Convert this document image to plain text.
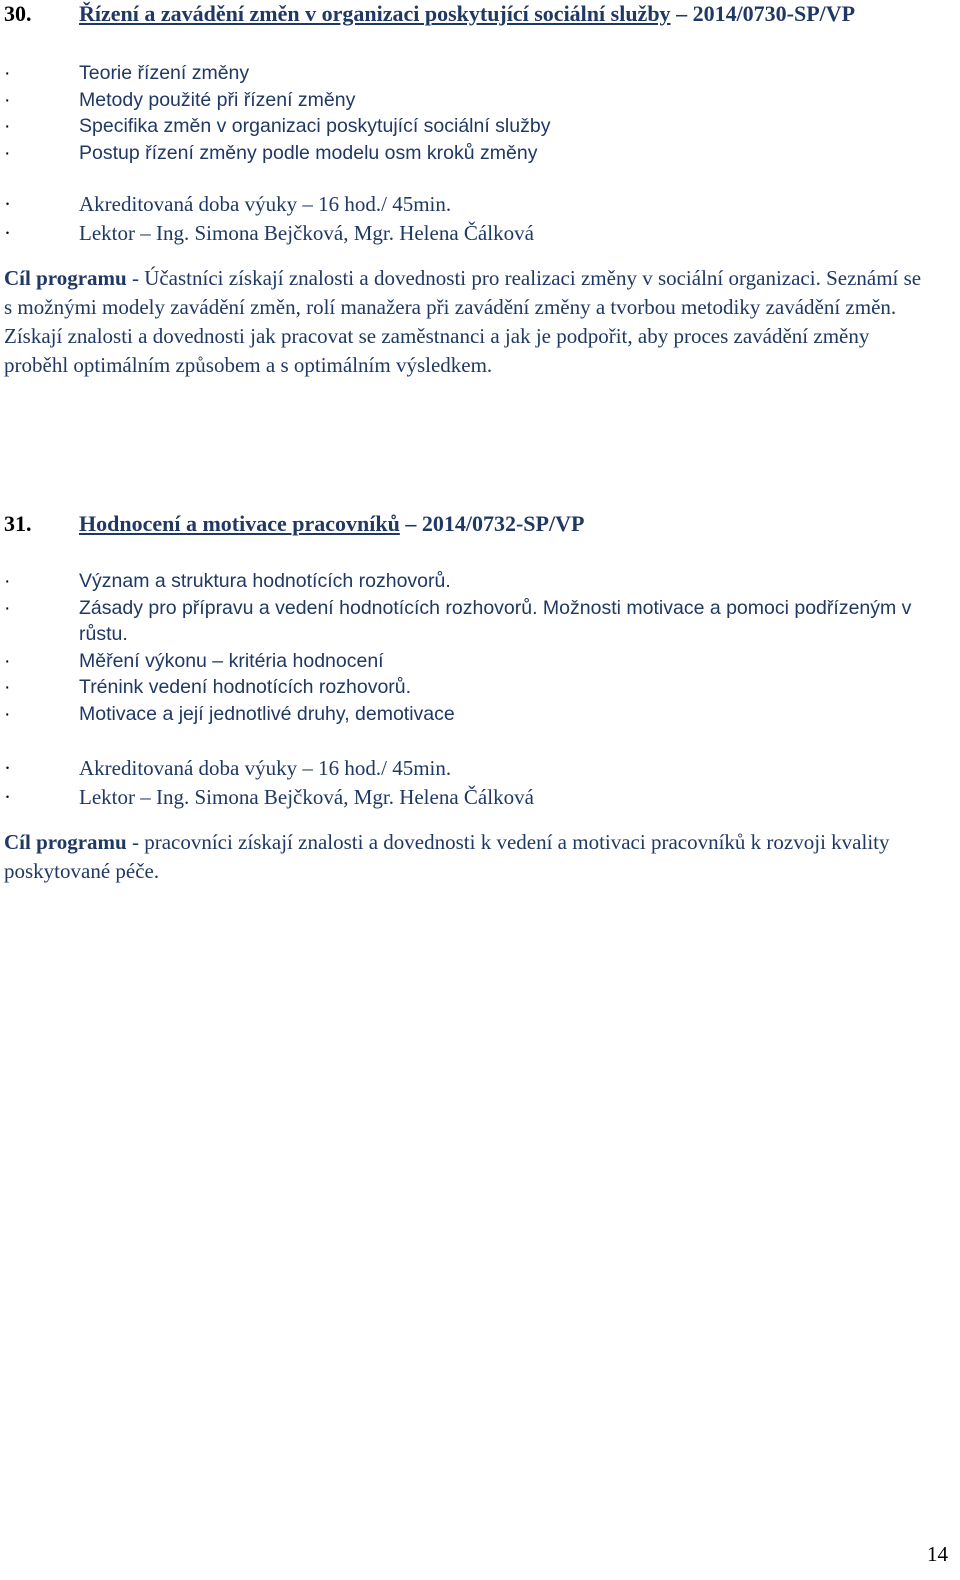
30. Řízení a zavádění změn v organizaci poskytující sociální služby – 2014/0730-SP/VP
·	Teorie řízení změny
·	Metody použité při řízení změny
·	Specifika změn v organizaci poskytující sociální služby
·	Postup řízení změny podle modelu osm kroků změny
·	Akreditovaná doba výuky – 16 hod./ 45min.
·	Lektor – Ing. Simona Bejčková, Mgr. Helena Čálková

Cíl programu - Účastníci získají znalosti a dovednosti pro realizaci změny v sociální organizaci. Seznámí se s možnými modely zavádění změn, rolí manažera při zavádění změny a tvorbou metodiky zavádění změn. Získají znalosti a dovednosti jak pracovat se zaměstnanci a jak je podpořit, aby proces zavádění změny proběhl optimálním způsobem a s optimálním výsledkem.

31. Hodnocení a motivace pracovníků – 2014/0732-SP/VP
·	Význam a struktura hodnotících rozhovorů.
·	Zásady pro přípravu a vedení hodnotících rozhovorů. Možnosti motivace a pomoci podřízeným v růstu.
·	Měření výkonu – kritéria hodnocení
·	Trénink vedení hodnotících rozhovorů.
·	Motivace a její jednotlivé druhy, demotivace
·	Akreditovaná doba výuky – 16 hod./ 45min.
·	Lektor – Ing. Simona Bejčková, Mgr. Helena Čálková

Cíl programu - pracovníci získají znalosti a dovednosti k vedení a motivaci pracovníků k rozvoji kvality poskytované péče.

14
